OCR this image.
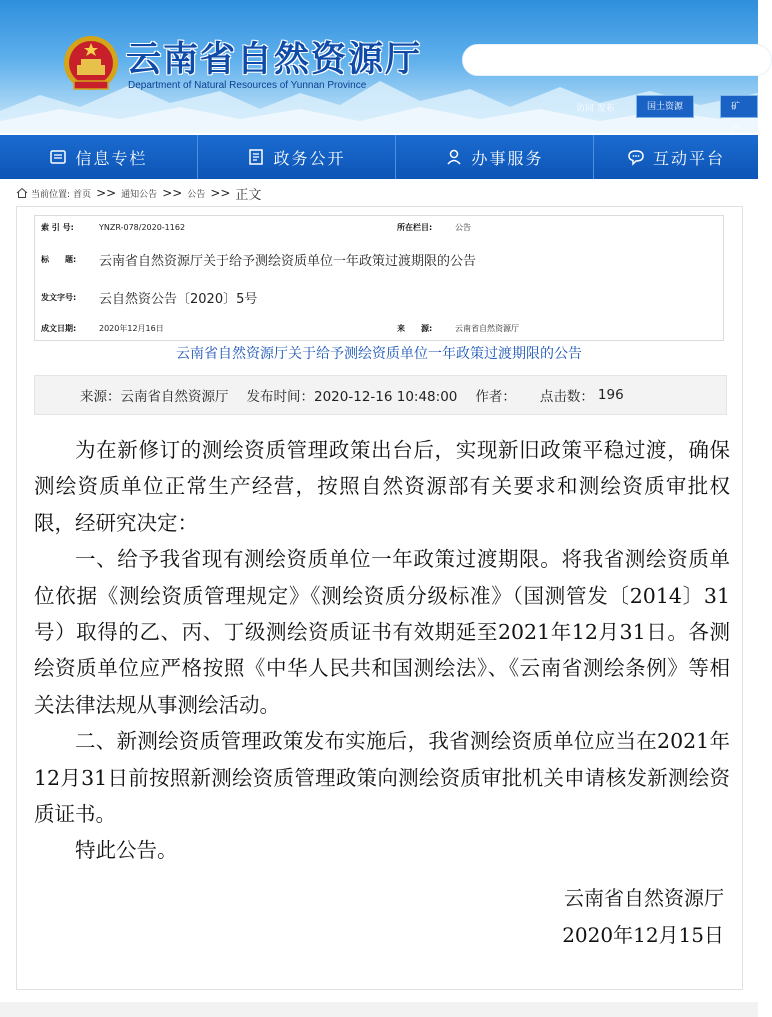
云南省自然资源厅
Department of Natural Resources of Yunnan Province
访问 发布	国土资源	矿产
信息专栏	政务公开	办事服务	互动平台
当前位置: 首页 >> 通知公告 >> 公告 >> 正文
索 引 号:	YNZR-078/2020-1162	所在栏目:	公告
标　　题:	云南省自然资源厅关于给予测绘资质单位一年政策过渡期限的公告
发文字号:	云自然资公告〔2020〕5号
成文日期:	2020年12月16日	来　　源:	云南省自然资源厅
云南省自然资源厅关于给予测绘资质单位一年政策过渡期限的公告
来源：云南省自然资源厅 发布时间：2020-12-16 10:48:00 作者： 点击数： 196

为在新修订的测绘资质管理政策出台后，实现新旧政策平稳过渡，确保测绘资质单位正常生产经营，按照自然资源部有关要求和测绘资质审批权限，经研究决定：

一、给予我省现有测绘资质单位一年政策过渡期限。将我省测绘资质单位依据《测绘资质管理规定》《测绘资质分级标准》（国测管发〔2014〕31号）取得的乙、丙、丁级测绘资质证书有效期延至2021年12月31日。各测绘资质单位应严格按照《中华人民共和国测绘法》、《云南省测绘条例》等相关法律法规从事测绘活动。

二、新测绘资质管理政策发布实施后，我省测绘资质单位应当在2021年12月31日前按照新测绘资质管理政策向测绘资质审批机关申请核发新测绘资质证书。

特此公告。

云南省自然资源厅
2020年12月15日
